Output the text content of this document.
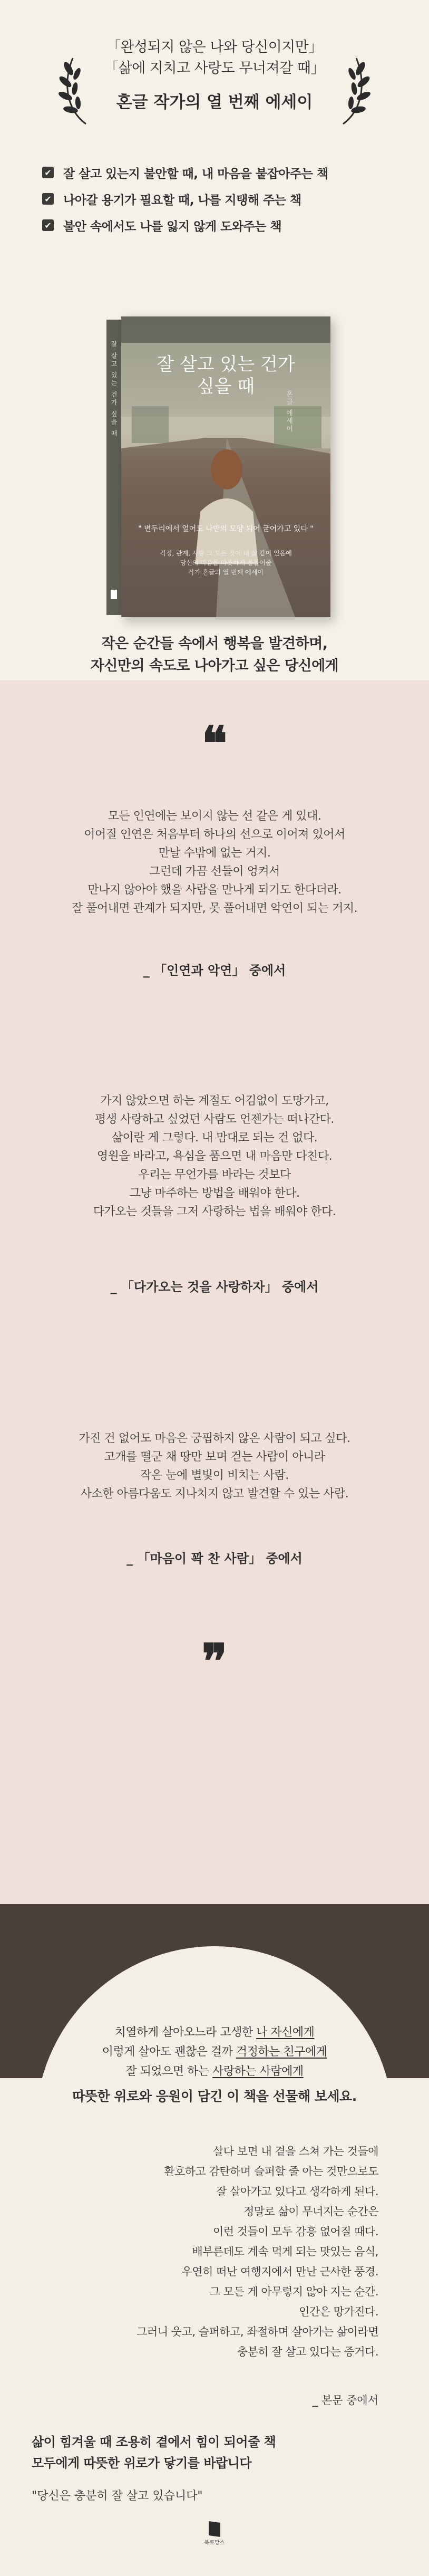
「완성되지 않은 나와 당신이지만」
「삶에 지치고 사랑도 무너져갈 때」
혼글 작가의 열 번째 에세이
✔ 잘 살고 있는지 불안할 때, 내 마음을 붙잡아주는 책
✔ 나아갈 용기가 필요할 때, 나를 지탱해 주는 책
✔ 불안 속에서도 나를 잃지 않게 도와주는 책
잘 살고 있는 건가 싶을 때	잘 살고 있는 건가
싶을 때
혼글 에세이
" 변두리에서 엎어도 나만의 모양 되어 굳어가고 있다 "
걱정, 관계, 사랑 그 모든 것이 내 삶 같이 있음에
당신의 마음을 따뜻하게 물들어줄
작가 혼글의 열 번째 에세이
작은 순간들 속에서 행복을 발견하며,
자신만의 속도로 나아가고 싶은 당신에게
❝
모든 인연에는 보이지 않는 선 같은 게 있대.
이어질 인연은 처음부터 하나의 선으로 이어져 있어서
만날 수밖에 없는 거지.
그런데 가끔 선들이 엉켜서
만나지 않아야 했을 사람을 만나게 되기도 한다더라.
잘 풀어내면 관계가 되지만, 못 풀어내면 악연이 되는 거지.
_ 「인연과 악연」 중에서
가지 않았으면 하는 계절도 어김없이 도망가고,
평생 사랑하고 싶었던 사람도 언젠가는 떠나간다.
삶이란 게 그렇다. 내 맘대로 되는 건 없다.
영원을 바라고, 욕심을 품으면 내 마음만 다친다.
우리는 무언가를 바라는 것보다
그냥 마주하는 방법을 배워야 한다.
다가오는 것들을 그저 사랑하는 법을 배워야 한다.
_ 「다가오는 것을 사랑하자」 중에서
가진 건 없어도 마음은 궁핍하지 않은 사람이 되고 싶다.
고개를 떨군 채 땅만 보며 걷는 사람이 아니라
작은 눈에 별빛이 비치는 사람.
사소한 아름다움도 지나치지 않고 발견할 수 있는 사람.
_ 「마음이 꽉 찬 사람」 중에서
❞
치열하게 살아오느라 고생한 나 자신에게
이렇게 살아도 괜찮은 걸까 걱정하는 친구에게
잘 되었으면 하는 사랑하는 사람에게
따뜻한 위로와 응원이 담긴 이 책을 선물해 보세요.
살다 보면 내 곁을 스쳐 가는 것들에
환호하고 감탄하며 슬퍼할 줄 아는 것만으로도
잘 살아가고 있다고 생각하게 된다.
정말로 삶이 무너지는 순간은
이런 것들이 모두 감흥 없어질 때다.
배부른데도 계속 먹게 되는 맛있는 음식,
우연히 떠난 여행지에서 만난 근사한 풍경.
그 모든 게 아무렇지 않아 지는 순간.
인간은 망가진다.
그러니 웃고, 슬퍼하고, 좌절하며 살아가는 삶이라면
충분히 잘 살고 있다는 증거다.
_ 본문 중에서
삶이 힘겨울 때 조용히 곁에서 힘이 되어줄 책
모두에게 따뜻한 위로가 닿기를 바랍니다
"당신은 충분히 잘 살고 있습니다"
북로망스
